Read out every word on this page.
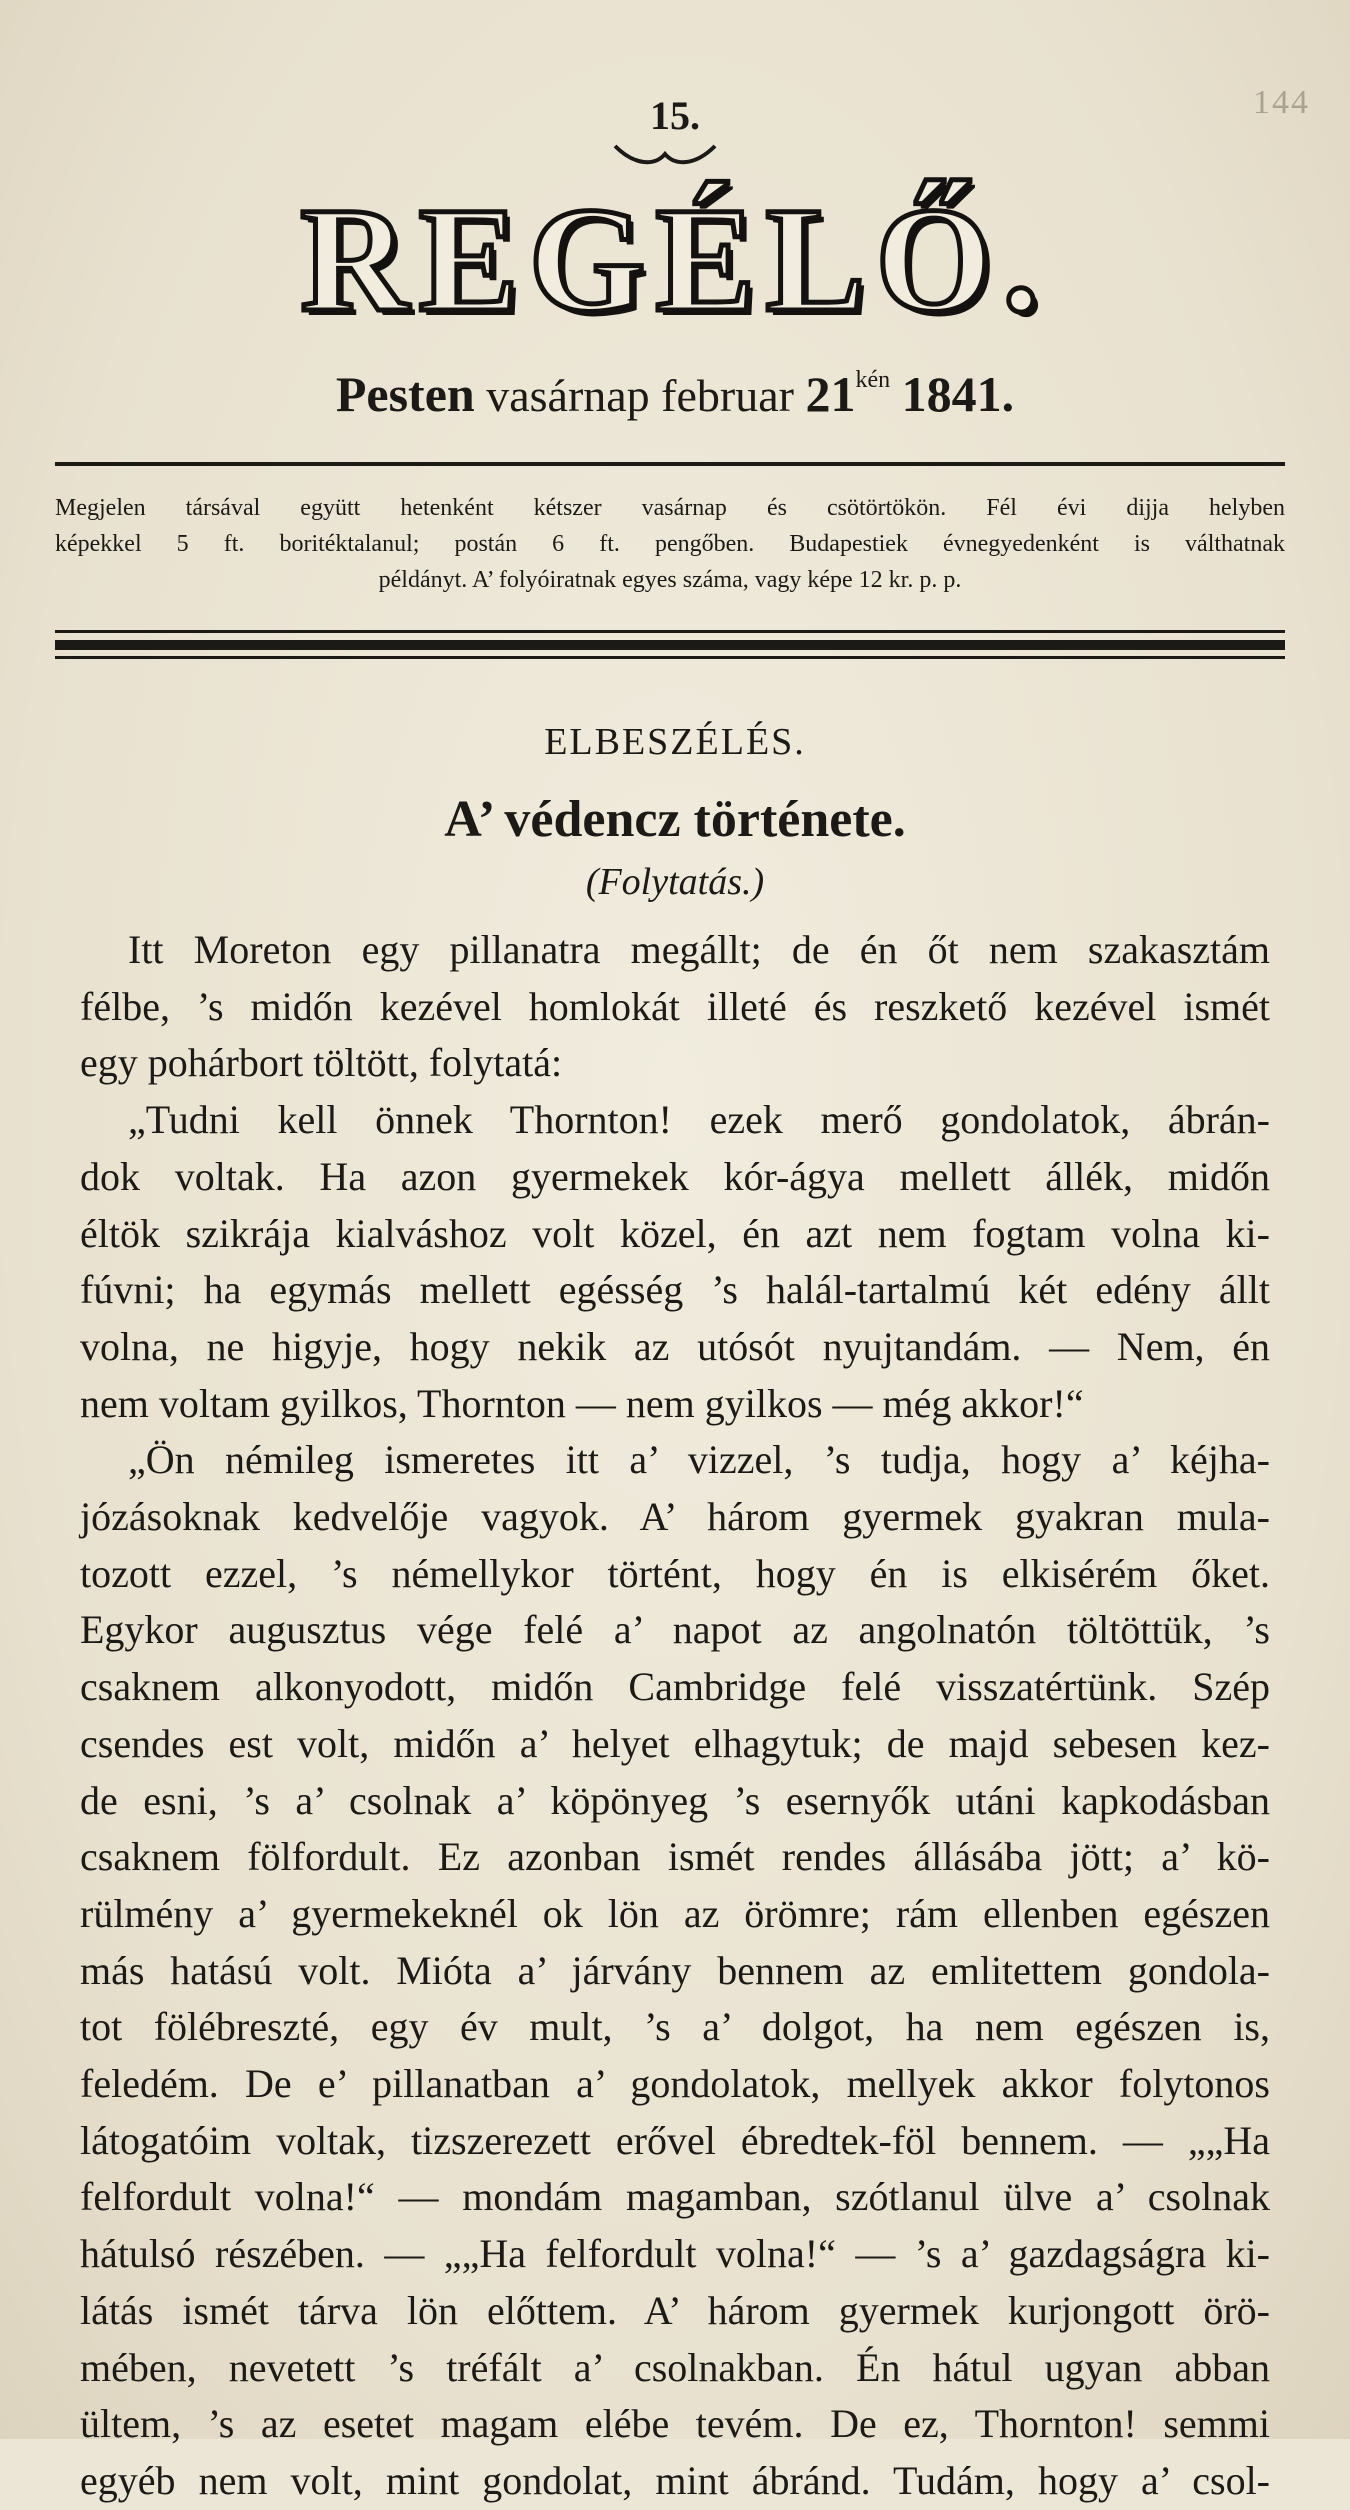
144
15.
REGÉLŐ.
Pesten vasárnap februar $21^{kén}$ 1841.
Megjelen társával együtt hetenként kétszer vasárnap és csötörtökön. Fél évi dijja helyben
képekkel 5 ft. boritéktalanul; postán 6 ft. pengőben. Budapestiek évnegyedenként is válthatnak
példányt. A’ folyóiratnak egyes száma, vagy képe 12 kr. p. p.
ELBESZÉLÉS.
A’ védencz története.
(Folytatás.)
Itt Moreton egy pillanatra megállt; de én őt nem szakasztám
félbe, ’s midőn kezével homlokát illeté és reszkető kezével ismét
egy pohárbort töltött, folytatá:
„Tudni kell önnek Thornton! ezek merő gondolatok, ábrán-
dok voltak. Ha azon gyermekek kór-ágya mellett állék, midőn
éltök szikrája kialváshoz volt közel, én azt nem fogtam volna ki-
fúvni; ha egymás mellett egésség ’s halál-tartalmú két edény állt
volna, ne higyje, hogy nekik az utósót nyujtandám. — Nem, én
nem voltam gyilkos, Thornton — nem gyilkos — még akkor!“
„Ön némileg ismeretes itt a’ vizzel, ’s tudja, hogy a’ kéjha-
józásoknak kedvelője vagyok. A’ három gyermek gyakran mula-
tozott ezzel, ’s némellykor történt, hogy én is elkisérém őket.
Egykor augusztus vége felé a’ napot az angolnatón töltöttük, ’s
csaknem alkonyodott, midőn Cambridge felé visszatértünk. Szép
csendes est volt, midőn a’ helyet elhagytuk; de majd sebesen kez-
de esni, ’s a’ csolnak a’ köpönyeg ’s esernyők utáni kapkodásban
csaknem fölfordult. Ez azonban ismét rendes állásába jött; a’ kö-
rülmény a’ gyermekeknél ok lön az örömre; rám ellenben egészen
más hatású volt. Mióta a’ járvány bennem az emlitettem gondola-
tot fölébreszté, egy év mult, ’s a’ dolgot, ha nem egészen is,
feledém. De e’ pillanatban a’ gondolatok, mellyek akkor folytonos
látogatóim voltak, tizszerezett erővel ébredtek-föl bennem. — „„Ha
felfordult volna!“ — mondám magamban, szótlanul ülve a’ csolnak
hátulsó részében. — „„Ha felfordult volna!“ — ’s a’ gazdagságra ki-
látás ismét tárva lön előttem. A’ három gyermek kurjongott örö-
mében, nevetett ’s tréfált a’ csolnakban. Én hátul ugyan abban
ültem, ’s az esetet magam elébe tevém. De ez, Thornton! semmi
egyéb nem volt, mint gondolat, mint ábránd. Tudám, hogy a’ csol-
